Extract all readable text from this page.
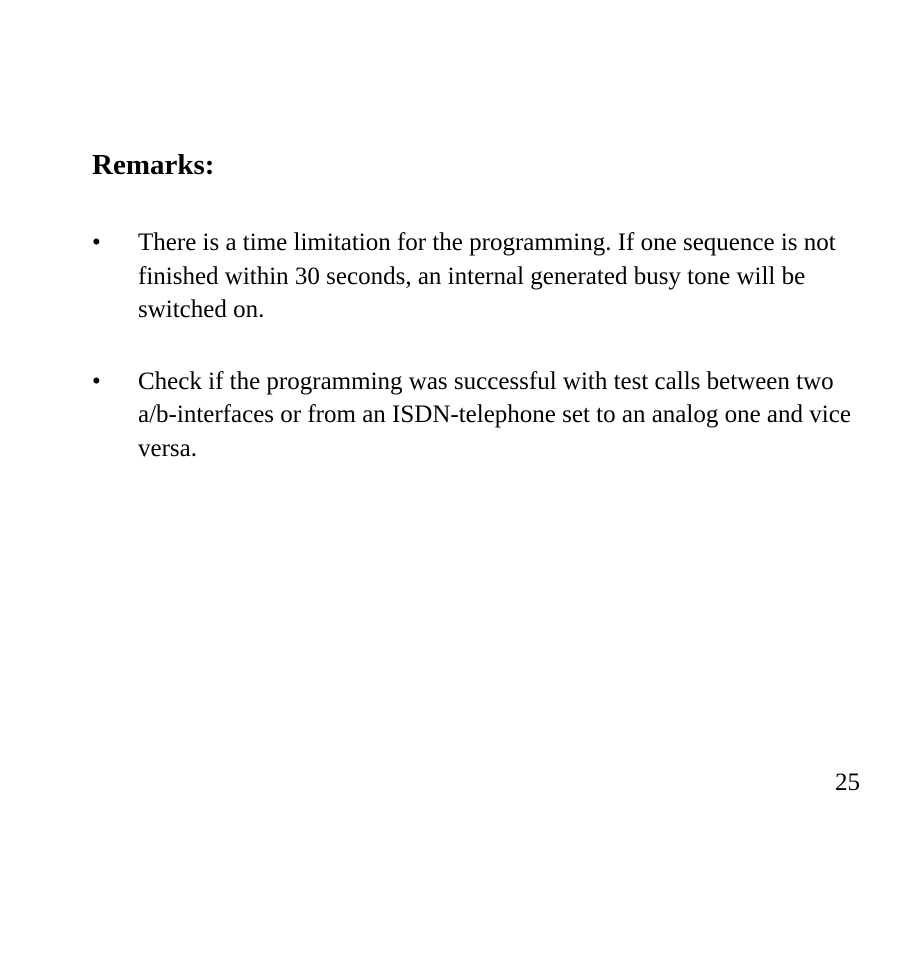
Remarks:
•	There is a time limitation for the programming. If one sequence is not finished within 30 seconds, an internal generated busy tone will be switched on.
•	Check if the programming was successful with test calls between two a/b-interfaces or from an ISDN-telephone set to an analog one and vice versa.
25
